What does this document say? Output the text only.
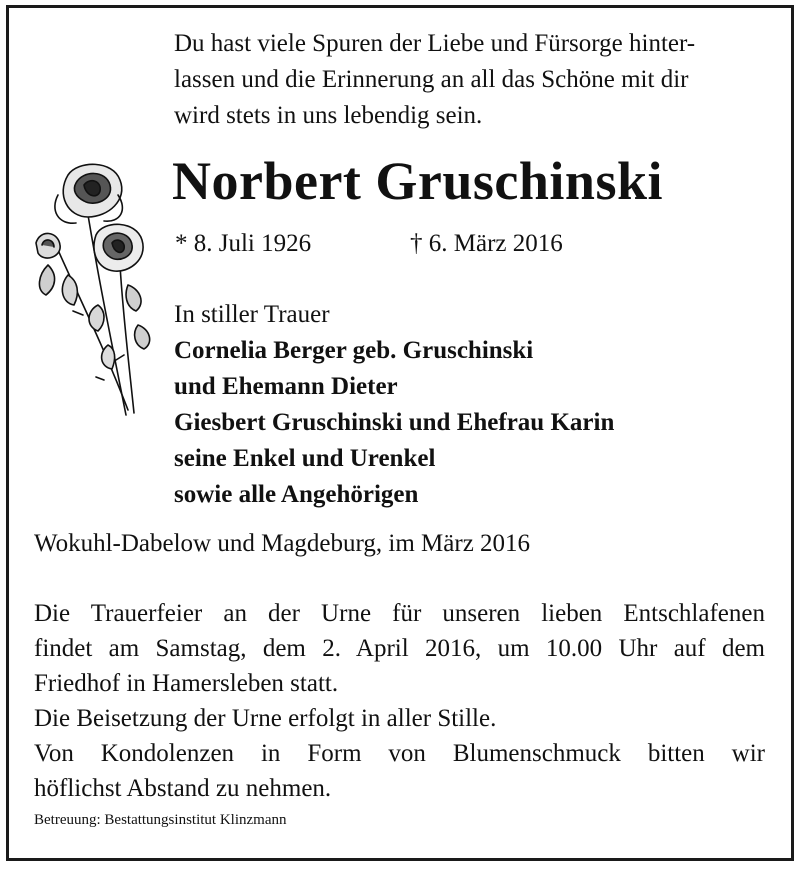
Du hast viele Spuren der Liebe und Fürsorge hinter-
lassen und die Erinnerung an all das Schöne mit dir
wird stets in uns lebendig sein.
Norbert Gruschinski
* 8. Juli 1926	† 6. März 2016
In stiller Trauer
Cornelia Berger geb. Gruschinski
und Ehemann Dieter
Giesbert Gruschinski und Ehefrau Karin
seine Enkel und Urenkel
sowie alle Angehörigen
Wokuhl-Dabelow und Magdeburg, im März 2016
Die Trauerfeier an der Urne für unseren lieben Entschlafenen
findet am Samstag, dem 2. April 2016, um 10.00 Uhr auf dem
Friedhof in Hamersleben statt.
Die Beisetzung der Urne erfolgt in aller Stille.
Von Kondolenzen in Form von Blumenschmuck bitten wir
höflichst Abstand zu nehmen.
Betreuung: Bestattungsinstitut Klinzmann
